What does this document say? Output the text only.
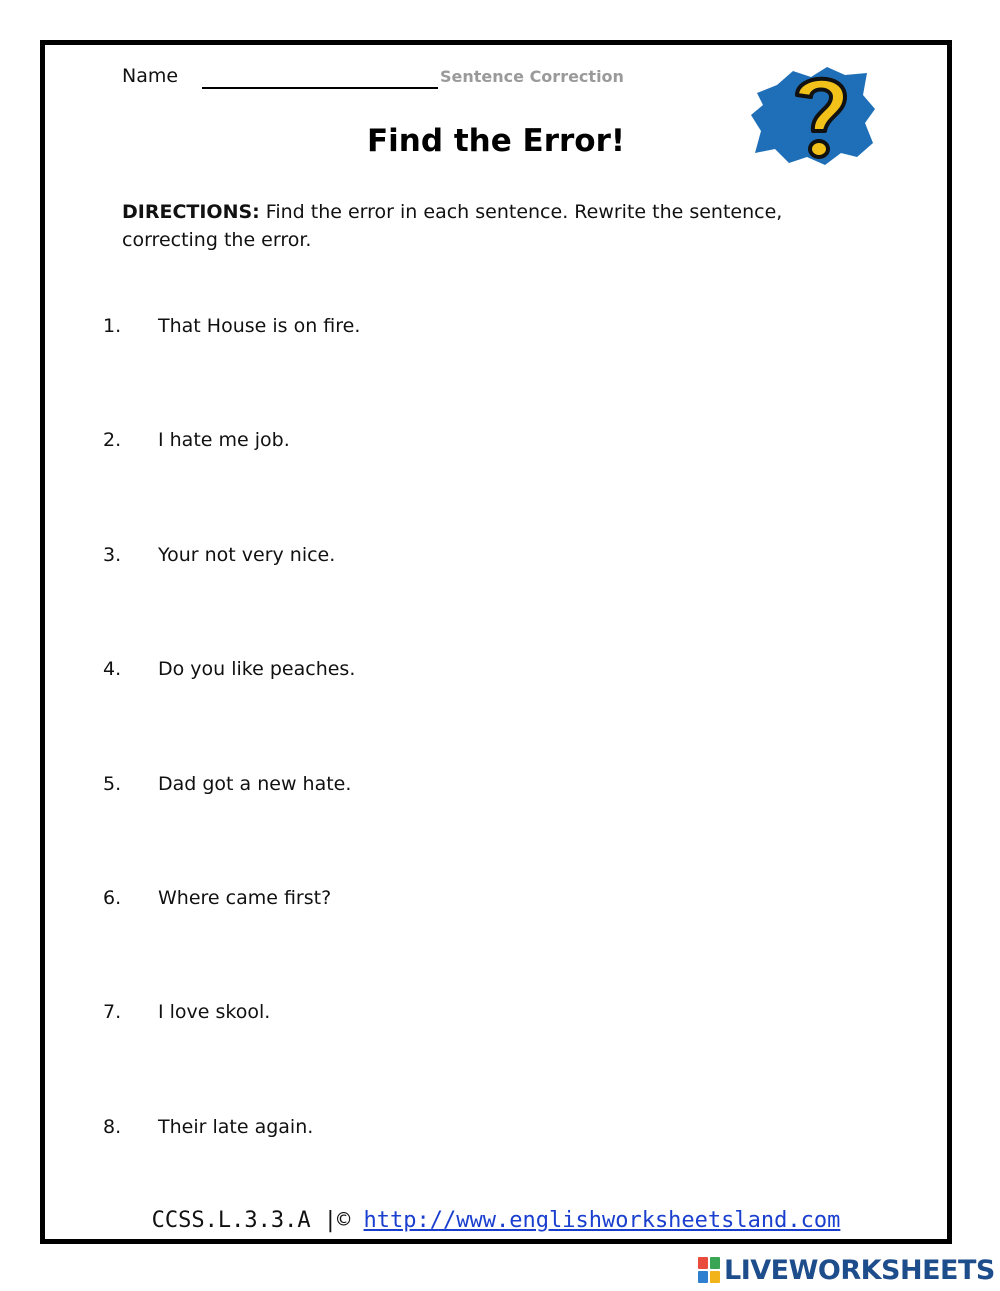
Name	Sentence Correction
Find the Error!
DIRECTIONS: Find the error in each sentence. Rewrite the sentence, correcting the error.
1. That House is on fire.
2. I hate me job.
3. Your not very nice.
4. Do you like peaches.
5. Dad got a new hate.
6. Where came first?
7. I love skool.
8. Their late again.
CCSS.L.3.3.A |© http://www.englishworksheetsland.com
LIVEWORKSHEETS
